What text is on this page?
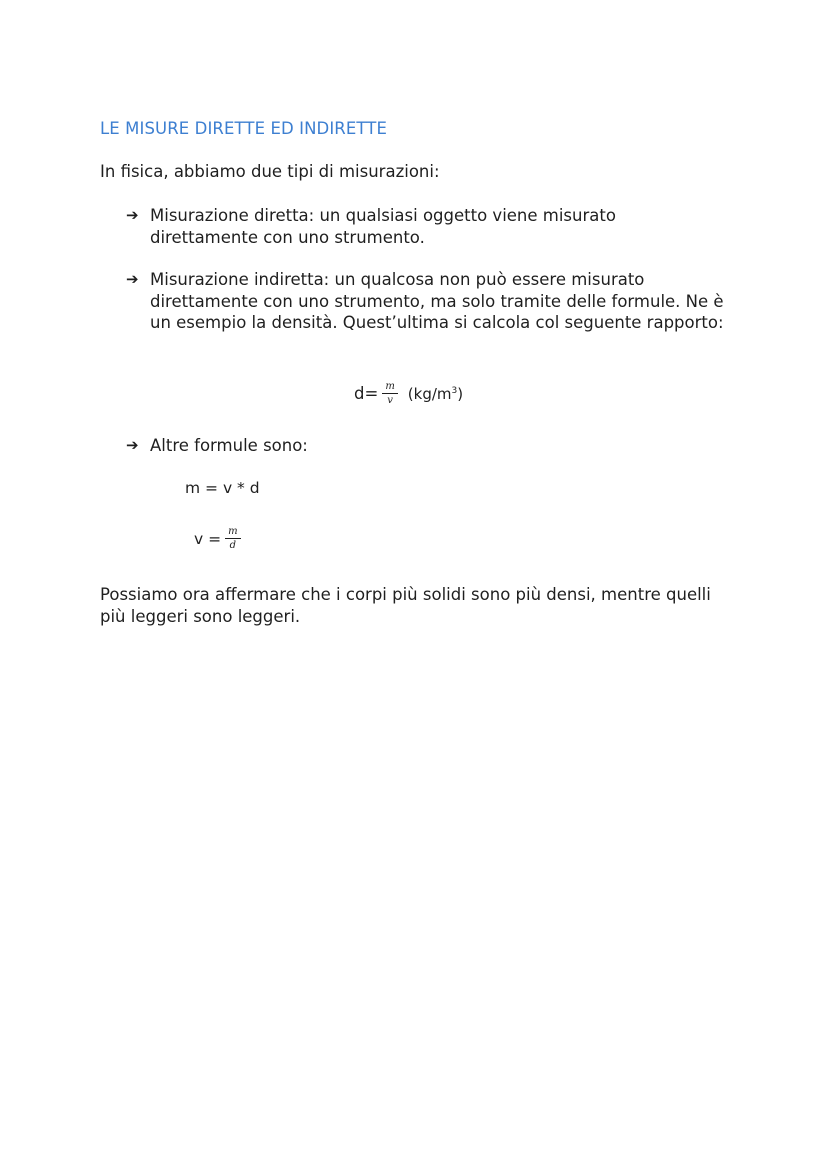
LE MISURE DIRETTE ED INDIRETTE

In fisica, abbiamo due tipi di misurazioni:

➔ Misurazione diretta: un qualsiasi oggetto viene misurato direttamente con uno strumento.
➔ Misurazione indiretta: un qualcosa non può essere misurato direttamente con uno strumento, ma solo tramite delle formule. Ne è un esempio la densità. Quest’ultima si calcola col seguente rapporto:
$d= \frac{m}{v} (kg/m^3)$
➔ Altre formule sono:
m = v * d
$v = \frac{m}{d}$

Possiamo ora affermare che i corpi più solidi sono più densi, mentre quelli più leggeri sono leggeri.
